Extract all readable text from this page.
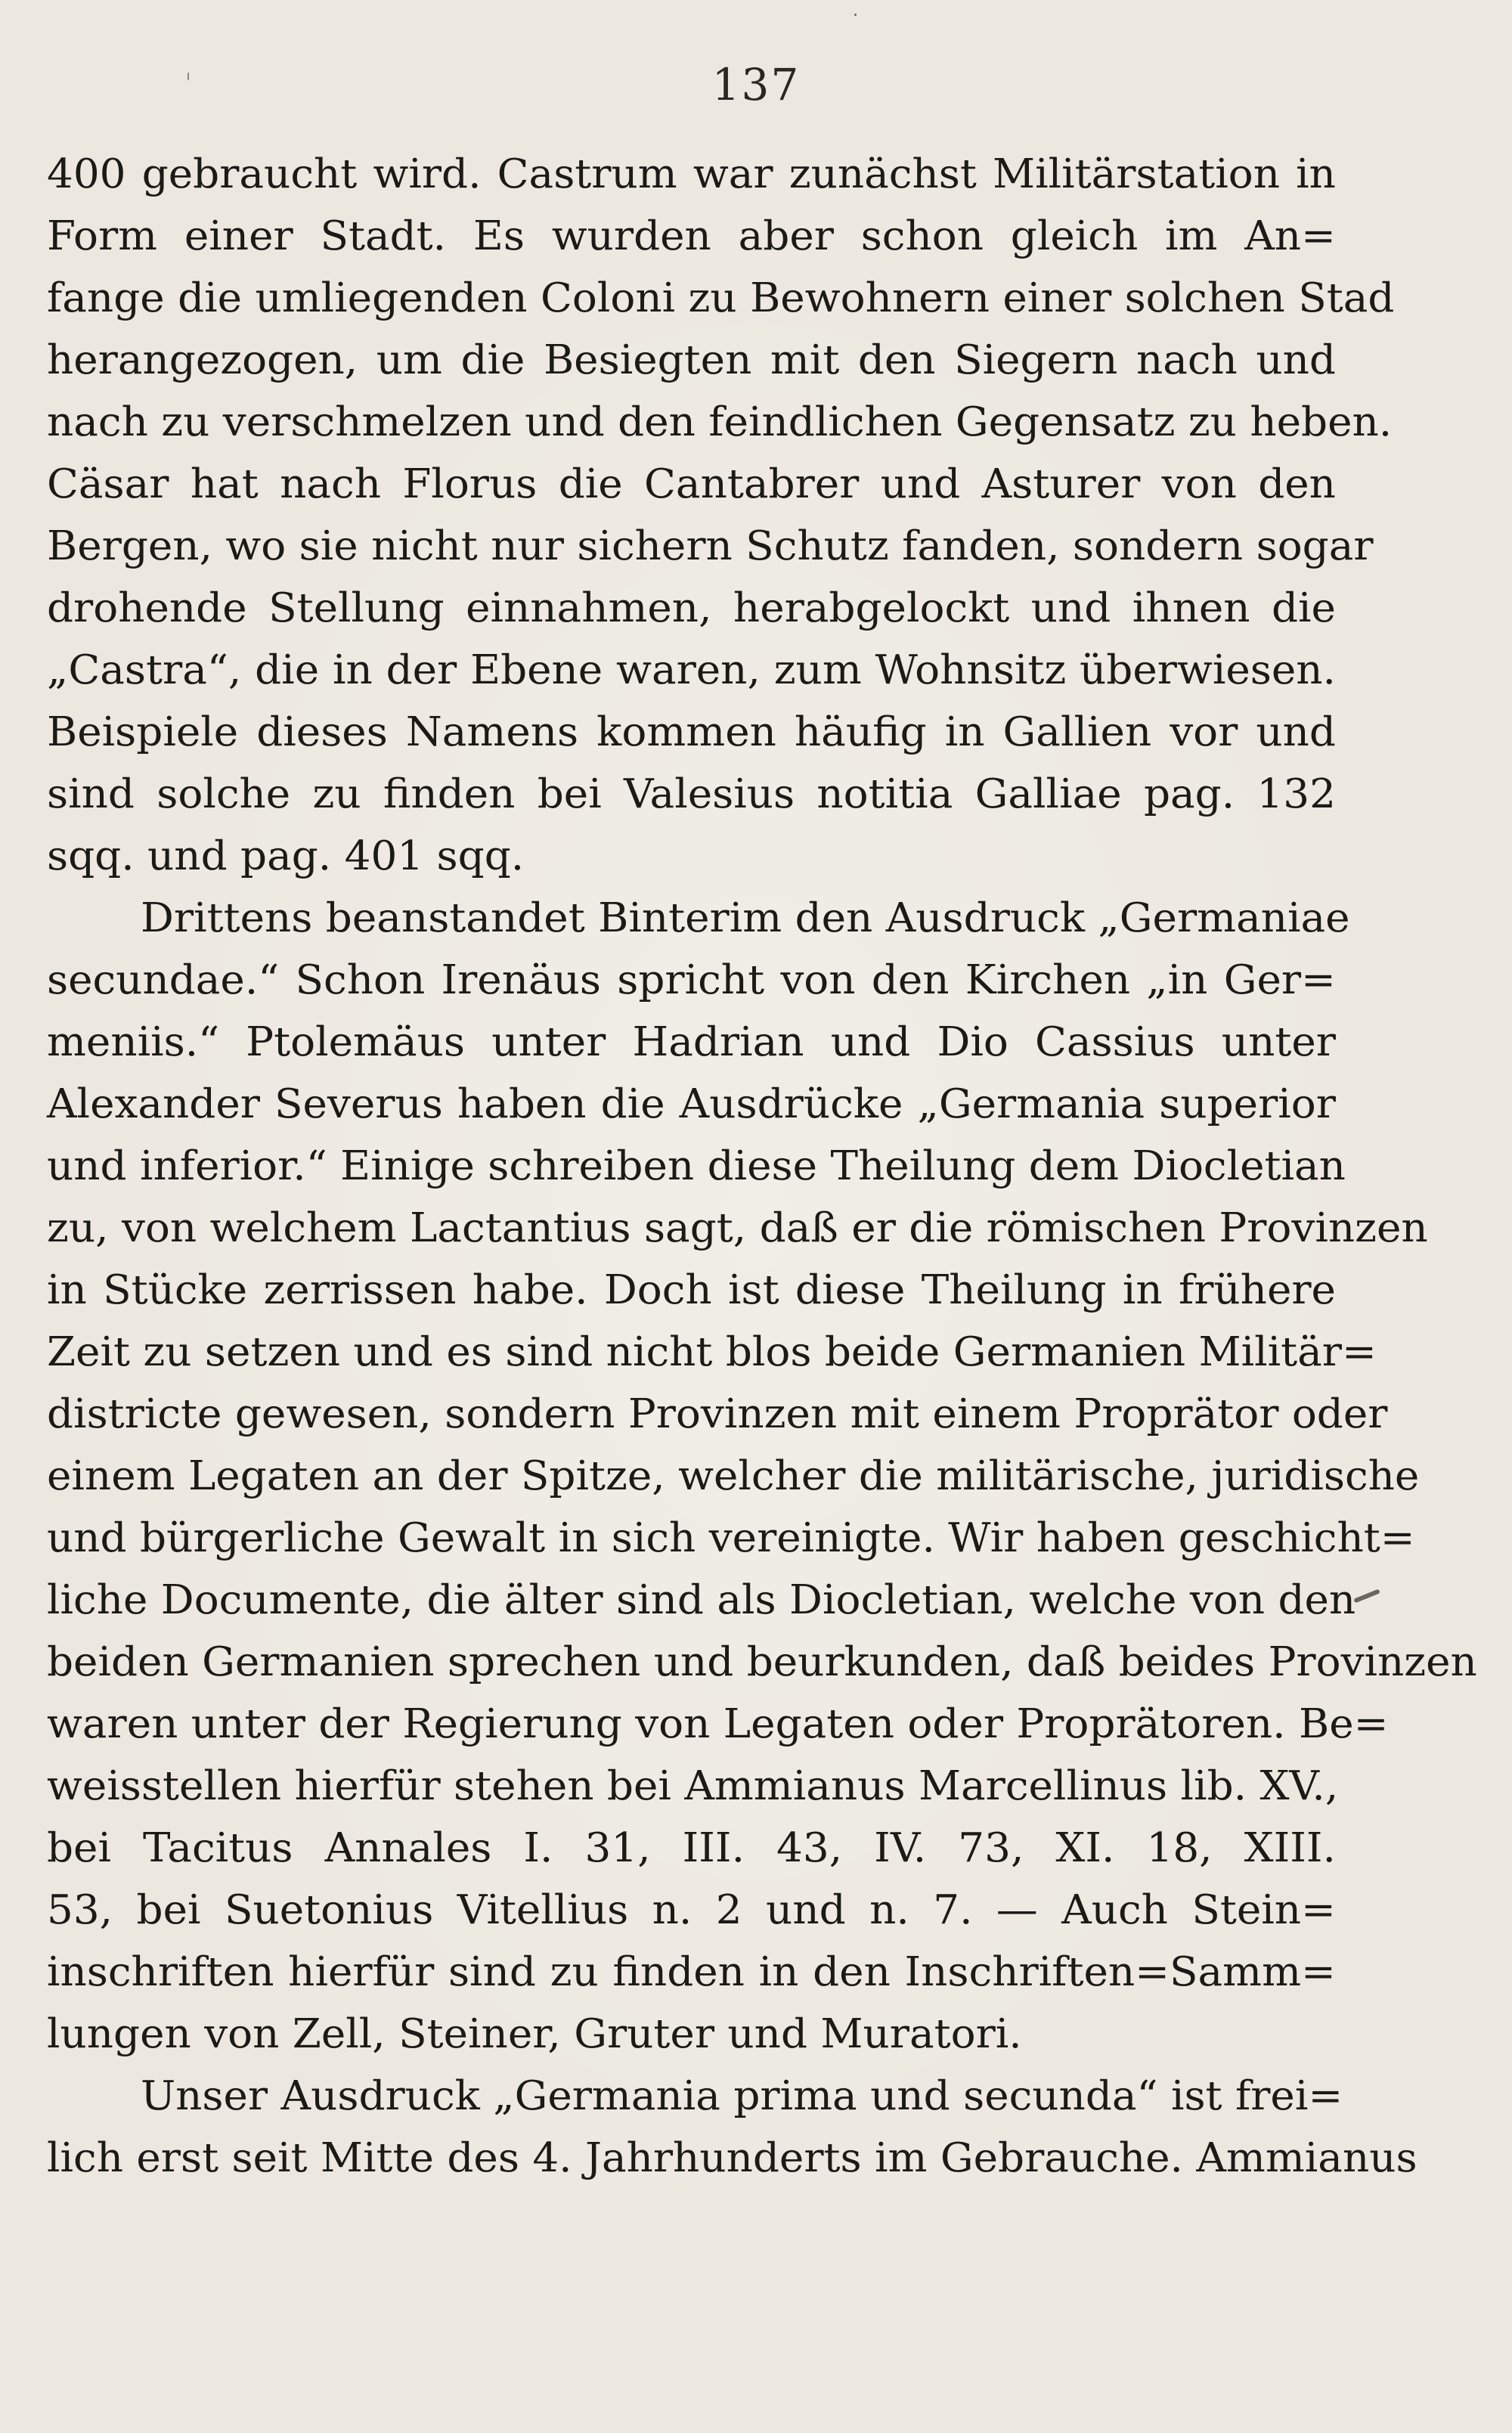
137
400 gebraucht wird. Castrum war zunächst Militärstation in
Form einer Stadt. Es wurden aber schon gleich im An=
fange die umliegenden Coloni zu Bewohnern einer solchen Stad
herangezogen, um die Besiegten mit den Siegern nach und
nach zu verschmelzen und den feindlichen Gegensatz zu heben.
Cäsar hat nach Florus die Cantabrer und Asturer von den
Bergen, wo sie nicht nur sichern Schutz fanden, sondern sogar
drohende Stellung einnahmen, herabgelockt und ihnen die
„Castra“, die in der Ebene waren, zum Wohnsitz überwiesen.
Beispiele dieses Namens kommen häufig in Gallien vor und
sind solche zu finden bei Valesius notitia Galliae pag. 132
sqq. und pag. 401 sqq.
Drittens beanstandet Binterim den Ausdruck „Germaniae
secundae.“ Schon Irenäus spricht von den Kirchen „in Ger=
meniis.“ Ptolemäus unter Hadrian und Dio Cassius unter
Alexander Severus haben die Ausdrücke „Germania superior
und inferior.“ Einige schreiben diese Theilung dem Diocletian
zu, von welchem Lactantius sagt, daß er die römischen Provinzen
in Stücke zerrissen habe. Doch ist diese Theilung in frühere
Zeit zu setzen und es sind nicht blos beide Germanien Militär=
districte gewesen, sondern Provinzen mit einem Proprätor oder
einem Legaten an der Spitze, welcher die militärische, juridische
und bürgerliche Gewalt in sich vereinigte. Wir haben geschicht=
liche Documente, die älter sind als Diocletian, welche von den
beiden Germanien sprechen und beurkunden, daß beides Provinzen
waren unter der Regierung von Legaten oder Proprätoren. Be=
weisstellen hierfür stehen bei Ammianus Marcellinus lib. XV.,
bei Tacitus Annales I. 31, III. 43, IV. 73, XI. 18, XIII.
53, bei Suetonius Vitellius n. 2 und n. 7. — Auch Stein=
inschriften hierfür sind zu finden in den Inschriften=Samm=
lungen von Zell, Steiner, Gruter und Muratori.
Unser Ausdruck „Germania prima und secunda“ ist frei=
lich erst seit Mitte des 4. Jahrhunderts im Gebrauche. Ammianus
